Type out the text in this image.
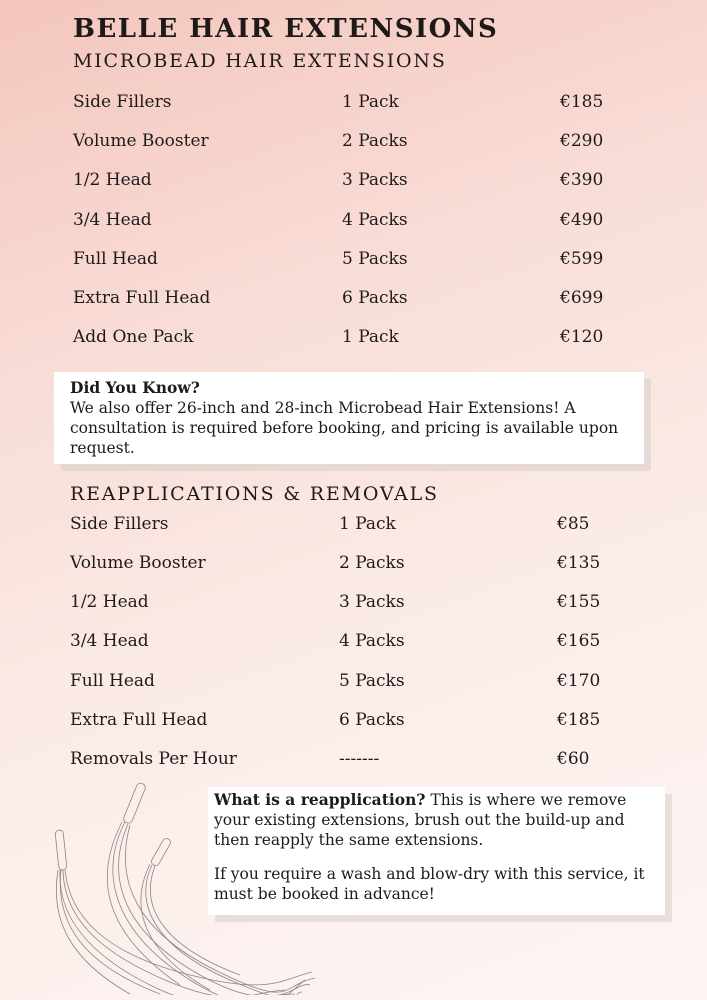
BELLE HAIR EXTENSIONS
MICROBEAD HAIR EXTENSIONS
Side Fillers	1 Pack	€185
Volume Booster	2 Packs	€290
1/2 Head	3 Packs	€390
3/4 Head	4 Packs	€490
Full Head	5 Packs	€599
Extra Full Head	6 Packs	€699
Add One Pack	1 Pack	€120

Did You Know?

We also offer 26-inch and 28-inch Microbead Hair Extensions! A consultation is required before booking, and pricing is available upon request.

REAPPLICATIONS & REMOVALS
Side Fillers	1 Pack	€85
Volume Booster	2 Packs	€135
1/2 Head	3 Packs	€155
3/4 Head	4 Packs	€165
Full Head	5 Packs	€170
Extra Full Head	6 Packs	€185
Removals Per Hour	-------	€60

What is a reapplication? This is where we remove your existing extensions, brush out the build-up and then reapply the same extensions.

If you require a wash and blow-dry with this service, it must be booked in advance!
